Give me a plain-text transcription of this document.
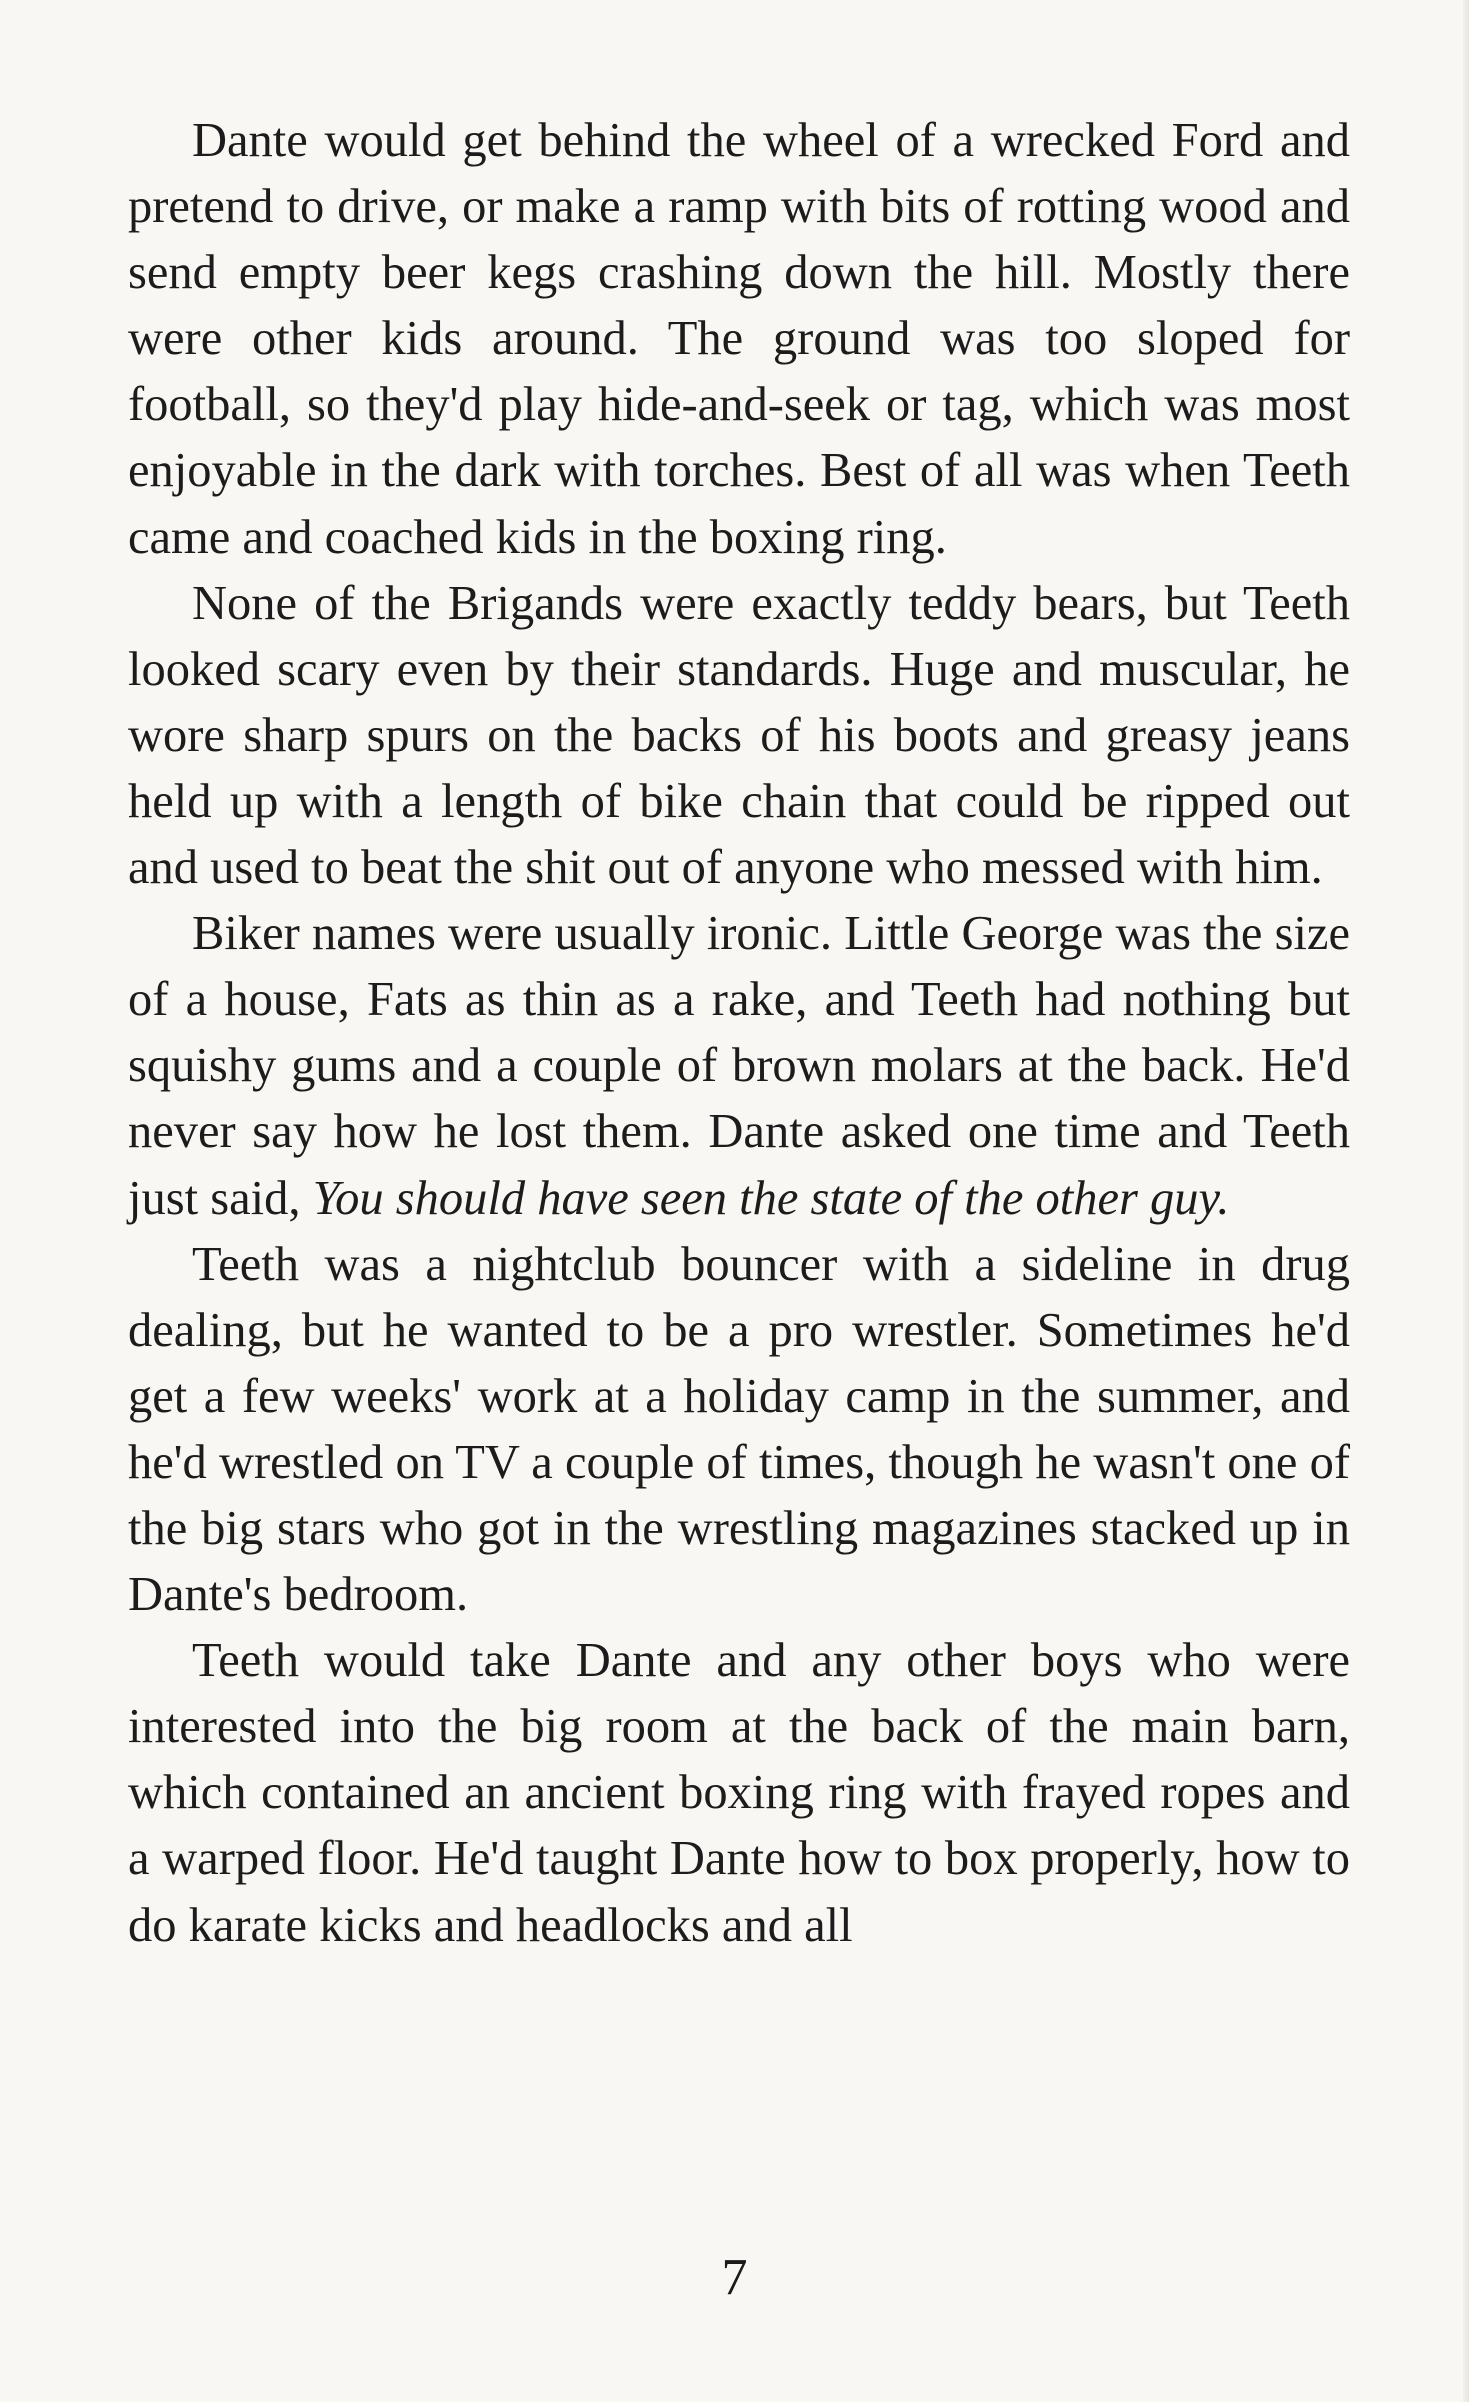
Dante would get behind the wheel of a wrecked Ford and pretend to drive, or make a ramp with bits of rotting wood and send empty beer kegs crashing down the hill. Mostly there were other kids around. The ground was too sloped for football, so they'd play hide-and-seek or tag, which was most enjoyable in the dark with torches. Best of all was when Teeth came and coached kids in the boxing ring.

None of the Brigands were exactly teddy bears, but Teeth looked scary even by their standards. Huge and muscular, he wore sharp spurs on the backs of his boots and greasy jeans held up with a length of bike chain that could be ripped out and used to beat the shit out of anyone who messed with him.

Biker names were usually ironic. Little George was the size of a house, Fats as thin as a rake, and Teeth had nothing but squishy gums and a couple of brown molars at the back. He'd never say how he lost them. Dante asked one time and Teeth just said, You should have seen the state of the other guy.

Teeth was a nightclub bouncer with a sideline in drug dealing, but he wanted to be a pro wrestler. Sometimes he'd get a few weeks' work at a holiday camp in the summer, and he'd wrestled on TV a couple of times, though he wasn't one of the big stars who got in the wrestling magazines stacked up in Dante's bedroom.

Teeth would take Dante and any other boys who were interested into the big room at the back of the main barn, which contained an ancient boxing ring with frayed ropes and a warped floor. He'd taught Dante how to box properly, how to do karate kicks and headlocks and all

7
